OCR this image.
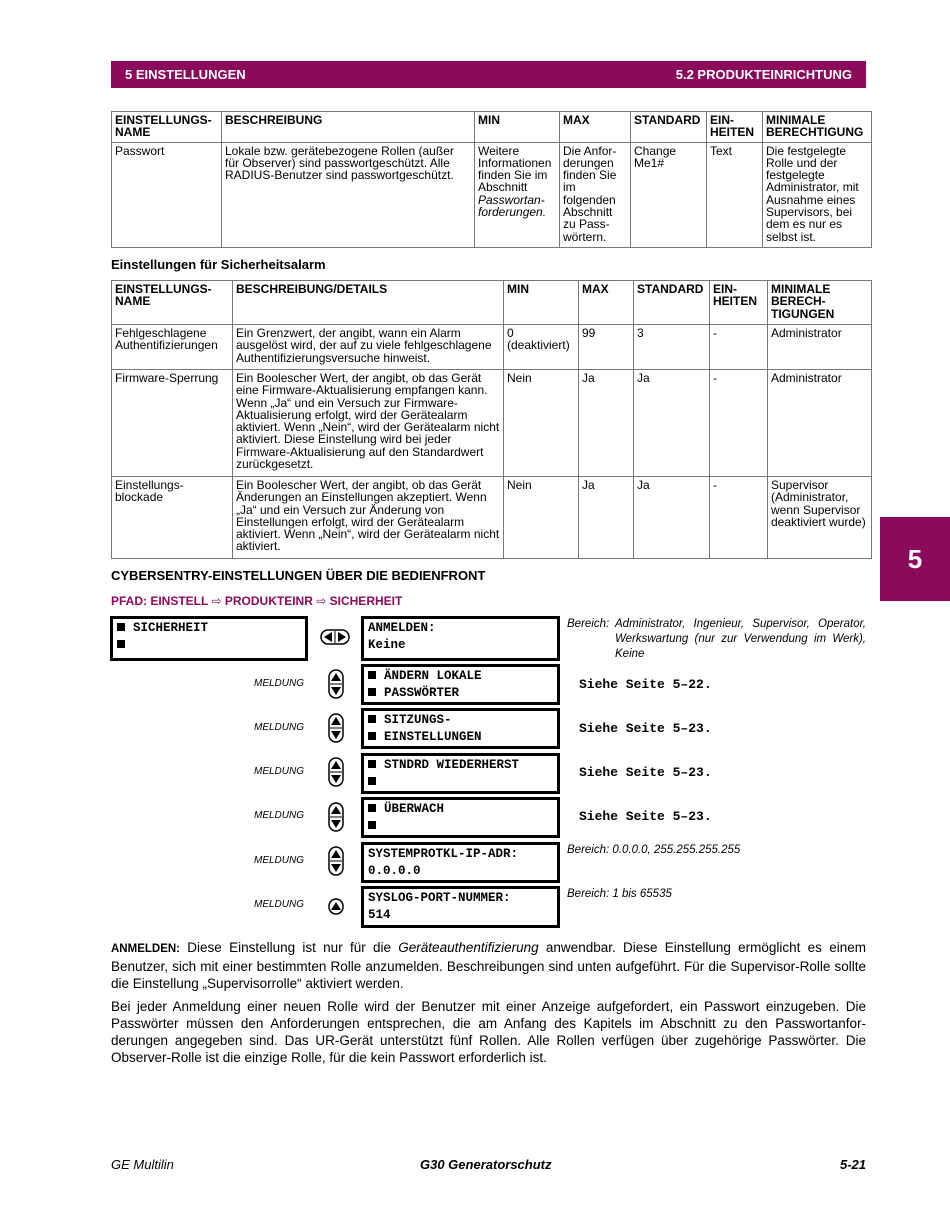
5 EINSTELLUNGEN	5.2 PRODUKTEINRICHTUNG
5
EINSTELLUNGS-NAME	BESCHREIBUNG	MIN	MAX	STANDARD	EIN-HEITEN	MINIMALE BERECHTIGUNG
Passwort	Lokale bzw. gerätebezogene Rollen (außer für Observer) sind passwortgeschützt. Alle RADIUS-Benutzer sind passwortgeschützt.	Weitere Informationen finden Sie im Abschnitt Passwortan-forderungen.	Die Anfor-derungen finden Sie im folgenden Abschnitt zu Pass-wörtern.	Change Me1#	Text	Die festgelegte Rolle und der festgelegte Administrator, mit Ausnahme eines Supervisors, bei dem es nur es selbst ist.
Einstellungen für Sicherheitsalarm
EINSTELLUNGS-NAME	BESCHREIBUNG/DETAILS	MIN	MAX	STANDARD	EIN-HEITEN	MINIMALE BERECH-TIGUNGEN
Fehlgeschlagene Authentifizierungen	Ein Grenzwert, der angibt, wann ein Alarm ausgelöst wird, der auf zu viele fehlgeschlagene Authentifizierungsversuche hinweist.	0 (deaktiviert)	99	3	-	Administrator
Firmware-Sperrung	Ein Boolescher Wert, der angibt, ob das Gerät eine Firmware-Aktualisierung empfangen kann. Wenn „Ja“ und ein Versuch zur Firmware-Aktualisierung erfolgt, wird der Gerätealarm aktiviert. Wenn „Nein“, wird der Gerätealarm nicht aktiviert. Diese Einstellung wird bei jeder Firmware-Aktualisierung auf den Standardwert zurückgesetzt.	Nein	Ja	Ja	-	Administrator
Einstellungs-blockade	Ein Boolescher Wert, der angibt, ob das Gerät Änderungen an Einstellungen akzeptiert. Wenn „Ja“ und ein Versuch zur Änderung von Einstellungen erfolgt, wird der Gerätealarm aktiviert. Wenn „Nein“, wird der Gerätealarm nicht aktiviert.	Nein	Ja	Ja	-	Supervisor (Administrator, wenn Supervisor deaktiviert wurde)
CYBERSENTRY-EINSTELLUNGEN ÜBER DIE BEDIENFRONT
PFAD: EINSTELL ⇨ PRODUKTEINR ⇨ SICHERHEIT
SICHERHEIT	ANMELDEN:
Keine
Bereich: Administrator, Ingenieur, Supervisor, Operator, Werkswartung (nur zur Verwendung im Werk), Keine
MELDUNG
ÄNDERN LOKALE
PASSWÖRTER
Siehe Seite 5–22.
MELDUNG
SITZUNGS-
EINSTELLUNGEN
Siehe Seite 5–23.
MELDUNG	STNDRD WIEDERHERST	Siehe Seite 5–23.
MELDUNG	ÜBERWACH	Siehe Seite 5–23.
MELDUNG	SYSTEMPROTKL-IP-ADR:
0.0.0.0
Bereich: 0.0.0.0, 255.255.255.255
MELDUNG	SYSLOG-PORT-NUMMER:
514
Bereich: 1 bis 65535
ANMELDEN: Diese Einstellung ist nur für die Geräteauthentifizierung anwendbar. Diese Einstellung ermöglicht es einem Benutzer, sich mit einer bestimmten Rolle anzumelden. Beschreibungen sind unten aufgeführt. Für die Supervisor-Rolle sollte die Einstellung „Supervisorrolle“ aktiviert werden.
Bei jeder Anmeldung einer neuen Rolle wird der Benutzer mit einer Anzeige aufgefordert, ein Passwort einzugeben. Die Passwörter müssen den Anforderungen entsprechen, die am Anfang des Kapitels im Abschnitt zu den Passwortanfor-derungen angegeben sind. Das UR-Gerät unterstützt fünf Rollen. Alle Rollen verfügen über zugehörige Passwörter. Die Observer-Rolle ist die einzige Rolle, für die kein Passwort erforderlich ist.
GE Multilin	G30 Generatorschutz	5-21
